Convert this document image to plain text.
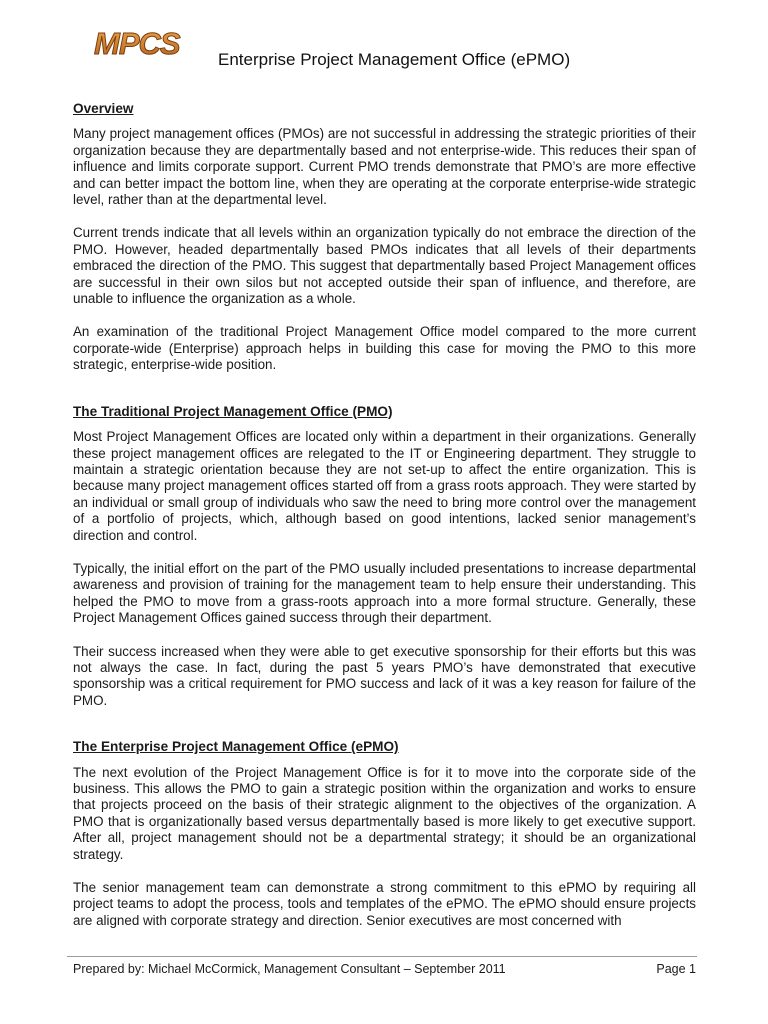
MPCS Enterprise Project Management Office (ePMO)
Overview

Many project management offices (PMOs) are not successful in addressing the strategic priorities of their organization because they are departmentally based and not enterprise-wide. This reduces their span of influence and limits corporate support. Current PMO trends demonstrate that PMO’s are more effective and can better impact the bottom line, when they are operating at the corporate enterprise-wide strategic level, rather than at the departmental level.

Current trends indicate that all levels within an organization typically do not embrace the direction of the PMO. However, headed departmentally based PMOs indicates that all levels of their departments embraced the direction of the PMO. This suggest that departmentally based Project Management offices are successful in their own silos but not accepted outside their span of influence, and therefore, are unable to influence the organization as a whole.

An examination of the traditional Project Management Office model compared to the more current corporate-wide (Enterprise) approach helps in building this case for moving the PMO to this more strategic, enterprise-wide position.

The Traditional Project Management Office (PMO)

Most Project Management Offices are located only within a department in their organizations. Generally these project management offices are relegated to the IT or Engineering department. They struggle to maintain a strategic orientation because they are not set-up to affect the entire organization. This is because many project management offices started off from a grass roots approach. They were started by an individual or small group of individuals who saw the need to bring more control over the management of a portfolio of projects, which, although based on good intentions, lacked senior management’s direction and control.

Typically, the initial effort on the part of the PMO usually included presentations to increase departmental awareness and provision of training for the management team to help ensure their understanding. This helped the PMO to move from a grass-roots approach into a more formal structure. Generally, these Project Management Offices gained success through their department.

Their success increased when they were able to get executive sponsorship for their efforts but this was not always the case. In fact, during the past 5 years PMO’s have demonstrated that executive sponsorship was a critical requirement for PMO success and lack of it was a key reason for failure of the PMO.

The Enterprise Project Management Office (ePMO)

The next evolution of the Project Management Office is for it to move into the corporate side of the business. This allows the PMO to gain a strategic position within the organization and works to ensure that projects proceed on the basis of their strategic alignment to the objectives of the organization. A PMO that is organizationally based versus departmentally based is more likely to get executive support. After all, project management should not be a departmental strategy; it should be an organizational strategy.

The senior management team can demonstrate a strong commitment to this ePMO by requiring all project teams to adopt the process, tools and templates of the ePMO. The ePMO should ensure projects are aligned with corporate strategy and direction. Senior executives are most concerned with

Prepared by: Michael McCormick, Management Consultant – September 2011	Page 1
